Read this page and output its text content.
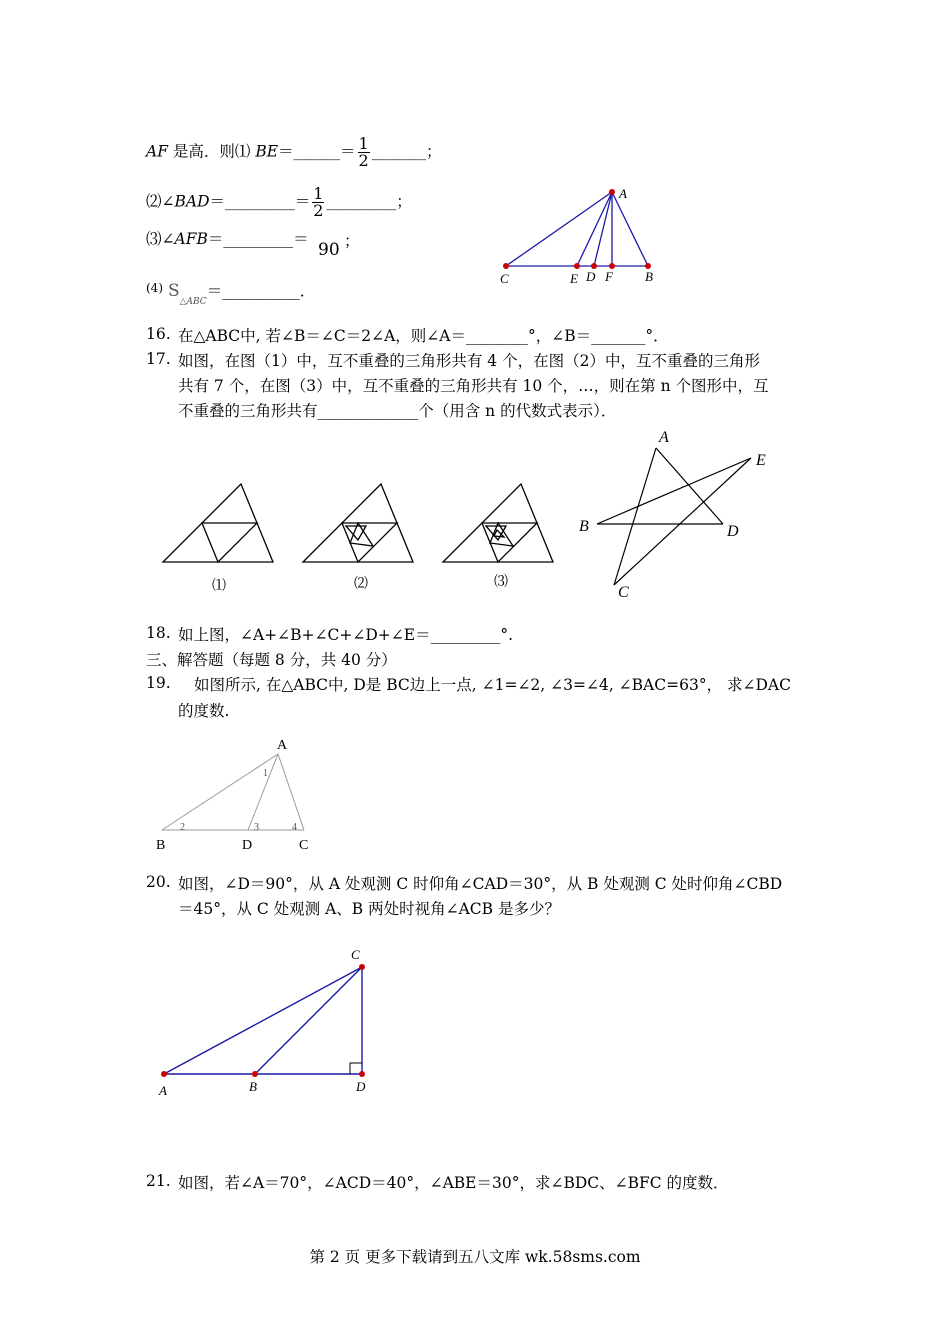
AF 是高．则⑴ BE＝______＝ $\frac{1}{2}$ _______；
⑵∠BAD＝_________＝ $\frac{1}{2}$ _________；
⑶∠AFB＝_________＝
90 ；
$^{(4)}$ $S_{\triangle ABC}=\_\_\_\_\_\_\_\_\_\_$．
A
C	E D F B
16. 在△ABC中, 若∠B＝∠C＝2∠A，则∠A＝________°，∠B＝_______°．
17. 如图，在图（1）中，互不重叠的三角形共有 4 个，在图（2）中，互不重叠的三角形
共有 7 个，在图（3）中，互不重叠的三角形共有 10 个，…，则在第 n 个图形中，互
不重叠的三角形共有_____________个（用含 n 的代数式表示）．
⑴	⑵	⑶
A
E
B	D
C
18. 如上图，∠A+∠B+∠C+∠D+∠E＝_________°.
三、解答题（每题 8 分，共 40 分）
19. 如图所示, 在△ABC中, D是 BC边上一点, ∠1=∠2, ∠3=∠4, ∠BAC=63°， 求∠DAC
的度数.
A
B	D	C
1
2	3	4
20. 如图，∠D＝90°，从 A 处观测 C 时仰角∠CAD＝30°，从 B 处观测 C 处时仰角∠CBD
＝45°，从 C 处观测 A、B 两处时视角∠ACB 是多少？
C
A	B	D
21. 如图，若∠A＝70°，∠ACD＝40°，∠ABE＝30°，求∠BDC、∠BFC 的度数．
第 2 页 更多下载请到五八文库 wk.58sms.com
